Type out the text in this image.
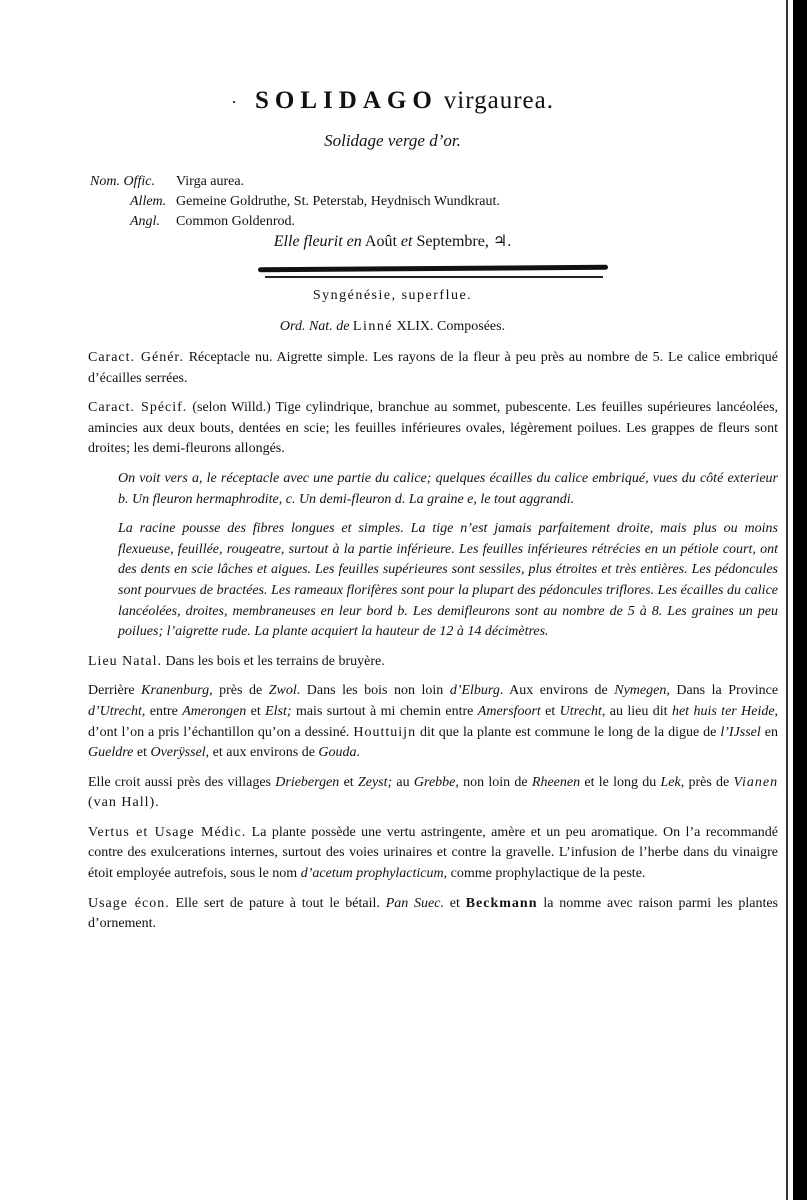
· SOLIDAGO virgaurea.
Solidage verge d’or.
Nom. Offic. Virga aurea.
Allem. Gemeine Goldruthe, St. Peterstab, Heydnisch Wundkraut.
Angl. Common Goldenrod.
Elle fleurit en Août et Septembre, ♃.
Syngénésie, superflue.
Ord. Nat. de Linné XLIX. Composées.

Caract. Génér. Réceptacle nu. Aigrette simple. Les rayons de la fleur à peu près au nombre de 5. Le calice embriqué d’écailles serrées.

Caract. Spécif. (selon Willd.) Tige cylindrique, branchue au sommet, pubescente. Les feuilles supérieures lancéolées, amincies aux deux bouts, dentées en scie; les feuilles inférieures ovales, légèrement poilues. Les grappes de fleurs sont droites; les demi-fleurons allongés.

On voit vers a, le réceptacle avec une partie du calice; quelques écailles du calice embriqué, vues du côté exterieur b. Un fleuron hermaphrodite, c. Un demi-fleuron d. La graine e, le tout aggrandi.

La racine pousse des fibres longues et simples. La tige n’est jamais parfaitement droite, mais plus ou moins flexueuse, feuillée, rougeatre, surtout à la partie inférieure. Les feuilles inférieures rétrécies en un pétiole court, ont des dents en scie lâches et aigues. Les feuilles supérieures sont sessiles, plus étroites et très entières. Les pédoncules sont pourvues de bractées. Les rameaux florifères sont pour la plupart des pédoncules triflores. Les écailles du calice lancéolées, droites, membraneuses en leur bord b. Les demifleurons sont au nombre de 5 à 8. Les graines un peu poilues; l’aigrette rude. La plante acquiert la hauteur de 12 à 14 décimètres.

Lieu Natal. Dans les bois et les terrains de bruyère.

Derrière Kranenburg, près de Zwol. Dans les bois non loin d’Elburg. Aux environs de Nymegen, Dans la Province d’Utrecht, entre Amerongen et Elst; mais surtout à mi chemin entre Amersfoort et Utrecht, au lieu dit het huis ter Heide, d’ont l’on a pris l’échantillon qu’on a dessiné. Houttuijn dit que la plante est commune le long de la digue de l’IJssel en Gueldre et Overÿssel, et aux environs de Gouda.

Elle croit aussi près des villages Driebergen et Zeyst; au Grebbe, non loin de Rheenen et le long du Lek, près de Vianen (van Hall).

Vertus et Usage Médic. La plante possède une vertu astringente, amère et un peu aromatique. On l’a recommandé contre des exulcerations internes, surtout des voies urinaires et contre la gravelle. L’infusion de l’herbe dans du vinaigre étoit employée autrefois, sous le nom d’acetum prophylacticum, comme prophylactique de la peste.

Usage écon. Elle sert de pature à tout le bétail. Pan Suec. et Beckmann la nomme avec raison parmi les plantes d’ornement.
